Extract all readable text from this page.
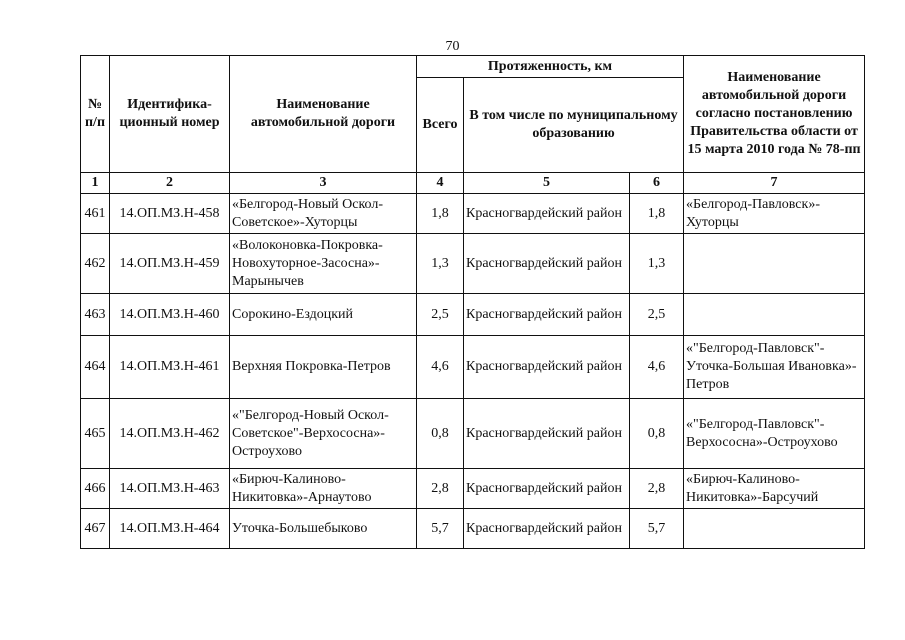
70
№ п/п	Идентифика-ционный номер	Наименование автомобильной дороги	Протяженность, км			Наименование автомобильной дороги согласно постановлению Правительства области от 15 марта 2010 года № 78-пп
			Всего	В том числе по муниципальному образованию		
1	2	3	4	5	6	7
461	14.ОП.МЗ.Н-458	«Белгород-Новый Оскол-Советское»-Хуторцы	1,8	Красногвардейский район	1,8	«Белгород-Павловск»-Хуторцы
462	14.ОП.МЗ.Н-459	«Волоконовка-Покровка-Новохуторное-Засосна»-Марынычев	1,3	Красногвардейский район	1,3	
463	14.ОП.МЗ.Н-460	Сорокино-Ездоцкий	2,5	Красногвардейский район	2,5	
464	14.ОП.МЗ.Н-461	Верхняя Покровка-Петров	4,6	Красногвардейский район	4,6	«"Белгород-Павловск"-Уточка-Большая Ивановка»-Петров
465	14.ОП.МЗ.Н-462	«"Белгород-Новый Оскол-Советское"-Верхососна»-Остроухово	0,8	Красногвардейский район	0,8	«"Белгород-Павловск"-Верхососна»-Остроухово
466	14.ОП.МЗ.Н-463	«Бирюч-Калиново-Никитовка»-Арнаутово	2,8	Красногвардейский район	2,8	«Бирюч-Калиново-Никитовка»-Барсучий
467	14.ОП.МЗ.Н-464	Уточка-Большебыково	5,7	Красногвардейский район	5,7	
